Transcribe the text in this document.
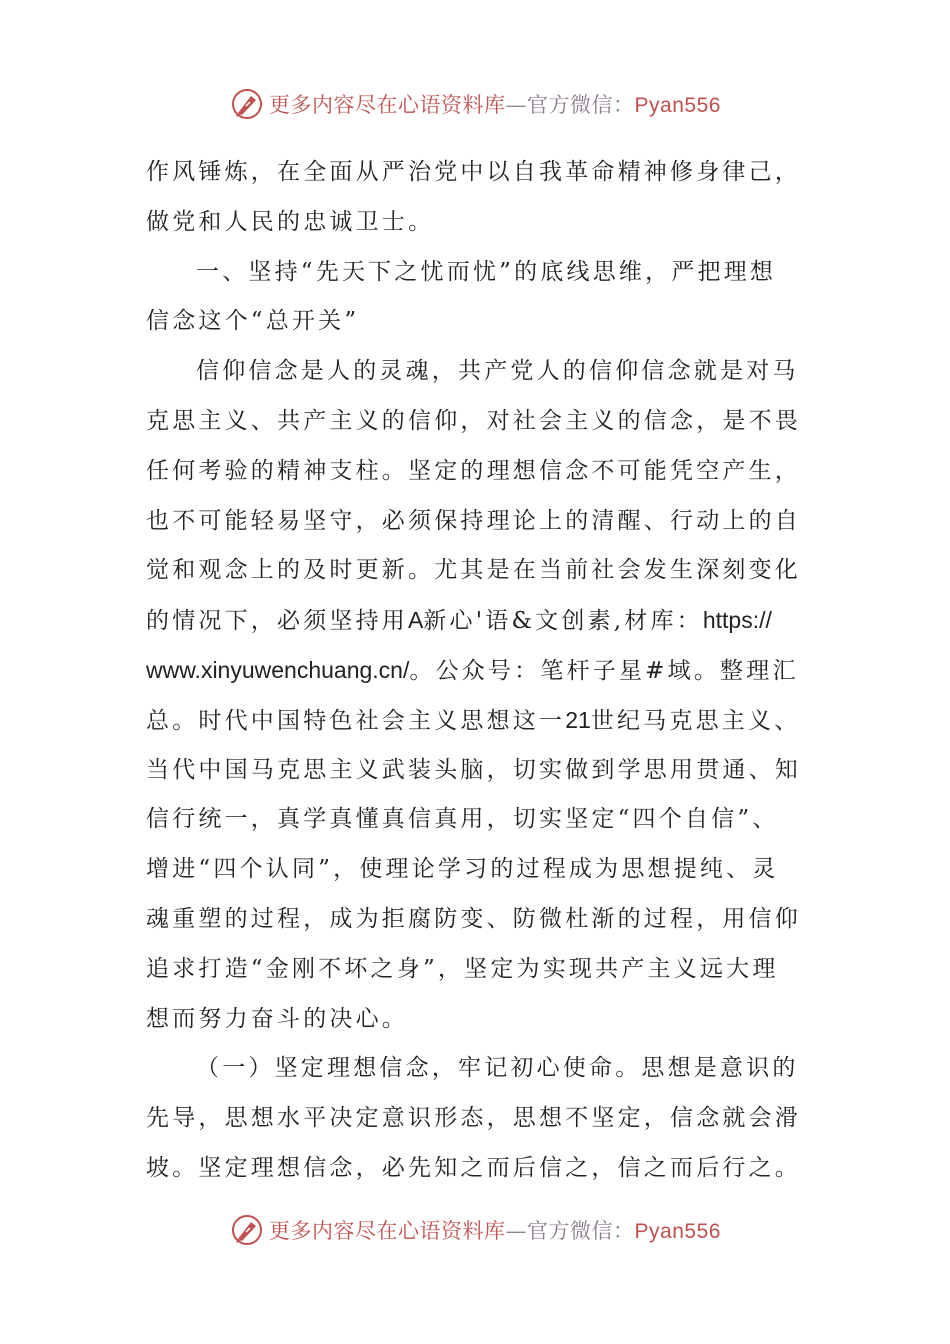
更多内容尽在心语资料库—官方微信：Pyan556
作风锤炼，在全面从严治党中以自我革命精神修身律己，
做党和人民的忠诚卫士。
一、坚持“先天下之忧而忧”的底线思维，严把理想
信念这个“总开关”
信仰信念是人的灵魂，共产党人的信仰信念就是对马
克思主义、共产主义的信仰，对社会主义的信念，是不畏
任何考验的精神支柱。坚定的理想信念不可能凭空产生，
也不可能轻易坚守，必须保持理论上的清醒、行动上的自
觉和观念上的及时更新。尤其是在当前社会发生深刻变化
的情况下，必须坚持用A新心'语&文创素,材库：https://
www.xinyuwenchuang.cn/。公众号：笔杆子星#域。整理汇
总。时代中国特色社会主义思想这一21世纪马克思主义、
当代中国马克思主义武装头脑，切实做到学思用贯通、知
信行统一，真学真懂真信真用，切实坚定“四个自信”、
增进“四个认同”，使理论学习的过程成为思想提纯、灵
魂重塑的过程，成为拒腐防变、防微杜渐的过程，用信仰
追求打造“金刚不坏之身”，坚定为实现共产主义远大理
想而努力奋斗的决心。
（一）坚定理想信念，牢记初心使命。思想是意识的
先导，思想水平决定意识形态，思想不坚定，信念就会滑
坡。坚定理想信念，必先知之而后信之，信之而后行之。
更多内容尽在心语资料库—官方微信：Pyan556
